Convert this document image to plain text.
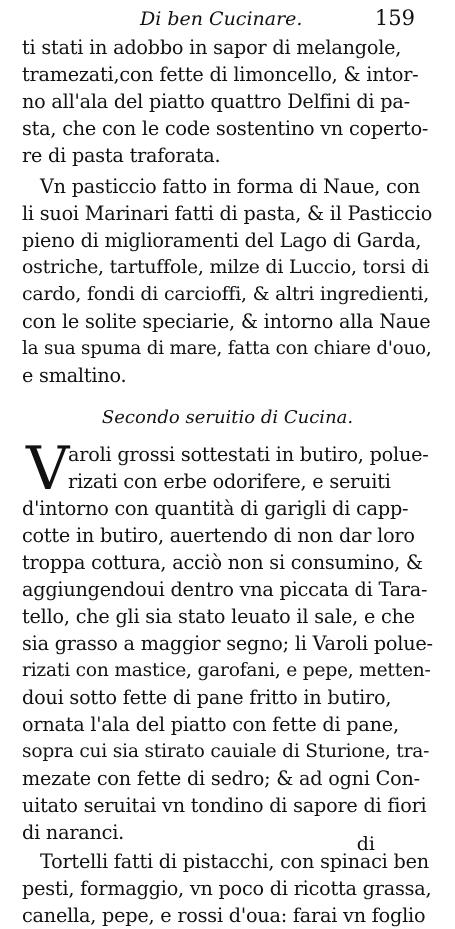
Di ben Cucinare.	159
ti stati in adobbo in sapor di melangole,
tramezati,con fette di limoncello, & intor-
no all'ala del piatto quattro Delfini di pa-
sta, che con le code sostentino vn coperto-
re di pasta traforata.
Vn pasticcio fatto in forma di Naue, con
li suoi Marinari fatti di pasta, & il Pasticcio
pieno di miglioramenti del Lago di Garda,
ostriche, tartuffole, milze di Luccio, torsi di
cardo, fondi di carcioffi, & altri ingredienti,
con le solite speciarie, & intorno alla Naue
la sua spuma di mare, fatta con chiare d'ouo,
e smaltino.
Secondo seruitio di Cucina.
V
aroli grossi sottestati in butiro, polue-
rizati con erbe odorifere, e seruiti
d'intorno con quantità di garigli di capp-
cotte in butiro, auertendo di non dar loro
troppa cottura, acciò non si consumino, &
aggiungendoui dentro vna piccata di Tara-
tello, che gli sia stato leuato il sale, e che
sia grasso a maggior segno; li Varoli polue-
rizati con mastice, garofani, e pepe, metten-
doui sotto fette di pane fritto in butiro,
ornata l'ala del piatto con fette di pane,
sopra cui sia stirato cauiale di Sturione, tra-
mezate con fette di sedro; & ad ogni Con-
uitato seruitai vn tondino di sapore di fiori
di naranci.
Tortelli fatti di pistacchi, con spinaci ben
pesti, formaggio, vn poco di ricotta grassa,
canella, pepe, e rossi d'oua: farai vn foglio
di
